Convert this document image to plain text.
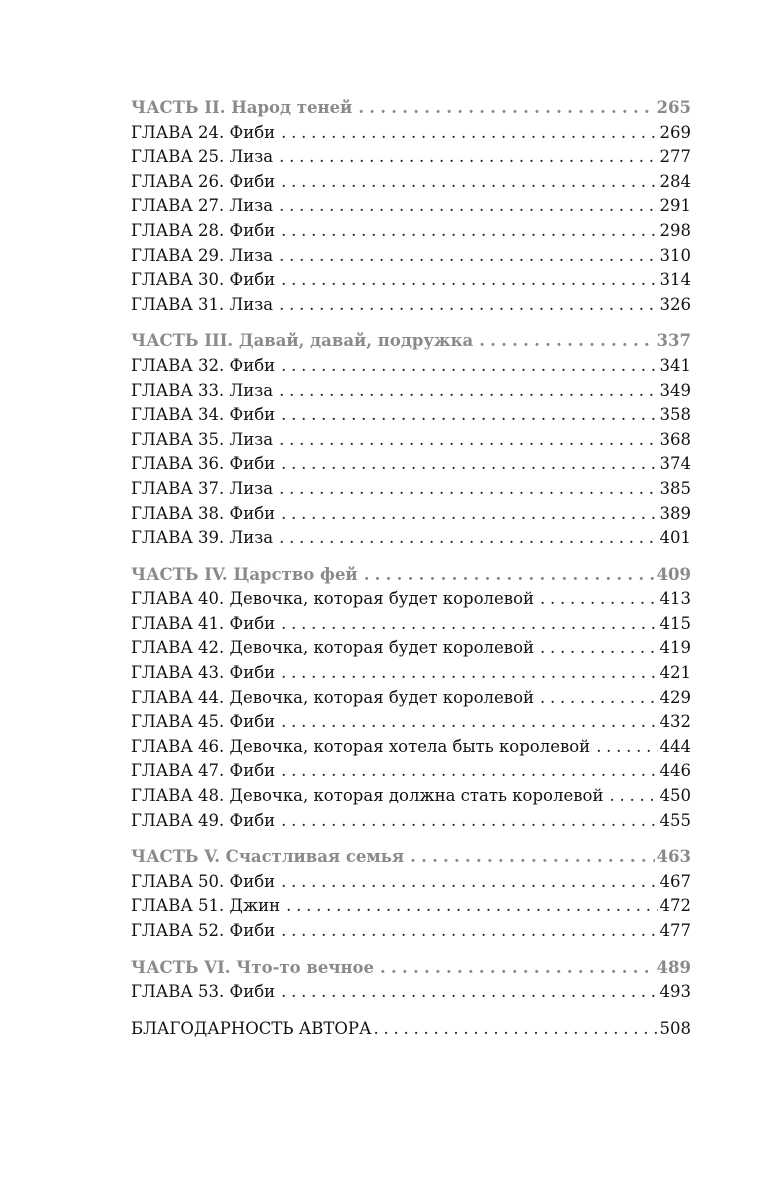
ЧАСТЬ II. Народ теней . . .	265
ГЛАВА 24. Фиби . . .	269
ГЛАВА 25. Лиза . . .	277
ГЛАВА 26. Фиби . . .	284
ГЛАВА 27. Лиза . . .	291
ГЛАВА 28. Фиби . . .	298
ГЛАВА 29. Лиза . . .	310
ГЛАВА 30. Фиби . . .	314
ГЛАВА 31. Лиза . . .	326
ЧАСТЬ III. Давай, давай, подружка . . .	337
ГЛАВА 32. Фиби . . .	341
ГЛАВА 33. Лиза . . .	349
ГЛАВА 34. Фиби . . .	358
ГЛАВА 35. Лиза . . .	368
ГЛАВА 36. Фиби . . .	374
ГЛАВА 37. Лиза . . .	385
ГЛАВА 38. Фиби . . .	389
ГЛАВА 39. Лиза . . .	401
ЧАСТЬ IV. Царство фей . . .	409
ГЛАВА 40. Девочка, которая будет королевой . . .	413
ГЛАВА 41. Фиби . . .	415
ГЛАВА 42. Девочка, которая будет королевой . . .	419
ГЛАВА 43. Фиби . . .	421
ГЛАВА 44. Девочка, которая будет королевой . . .	429
ГЛАВА 45. Фиби . . .	432
ГЛАВА 46. Девочка, которая хотела быть королевой . . .	444
ГЛАВА 47. Фиби . . .	446
ГЛАВА 48. Девочка, которая должна стать королевой . . .	450
ГЛАВА 49. Фиби . . .	455
ЧАСТЬ V. Счастливая семья . . .	463
ГЛАВА 50. Фиби . . .	467
ГЛАВА 51. Джин . . .	472
ГЛАВА 52. Фиби . . .	477
ЧАСТЬ VI. Что-то вечное . . .	489
ГЛАВА 53. Фиби . . .	493
БЛАГОДАРНОСТЬ АВТОРА . . .	508
